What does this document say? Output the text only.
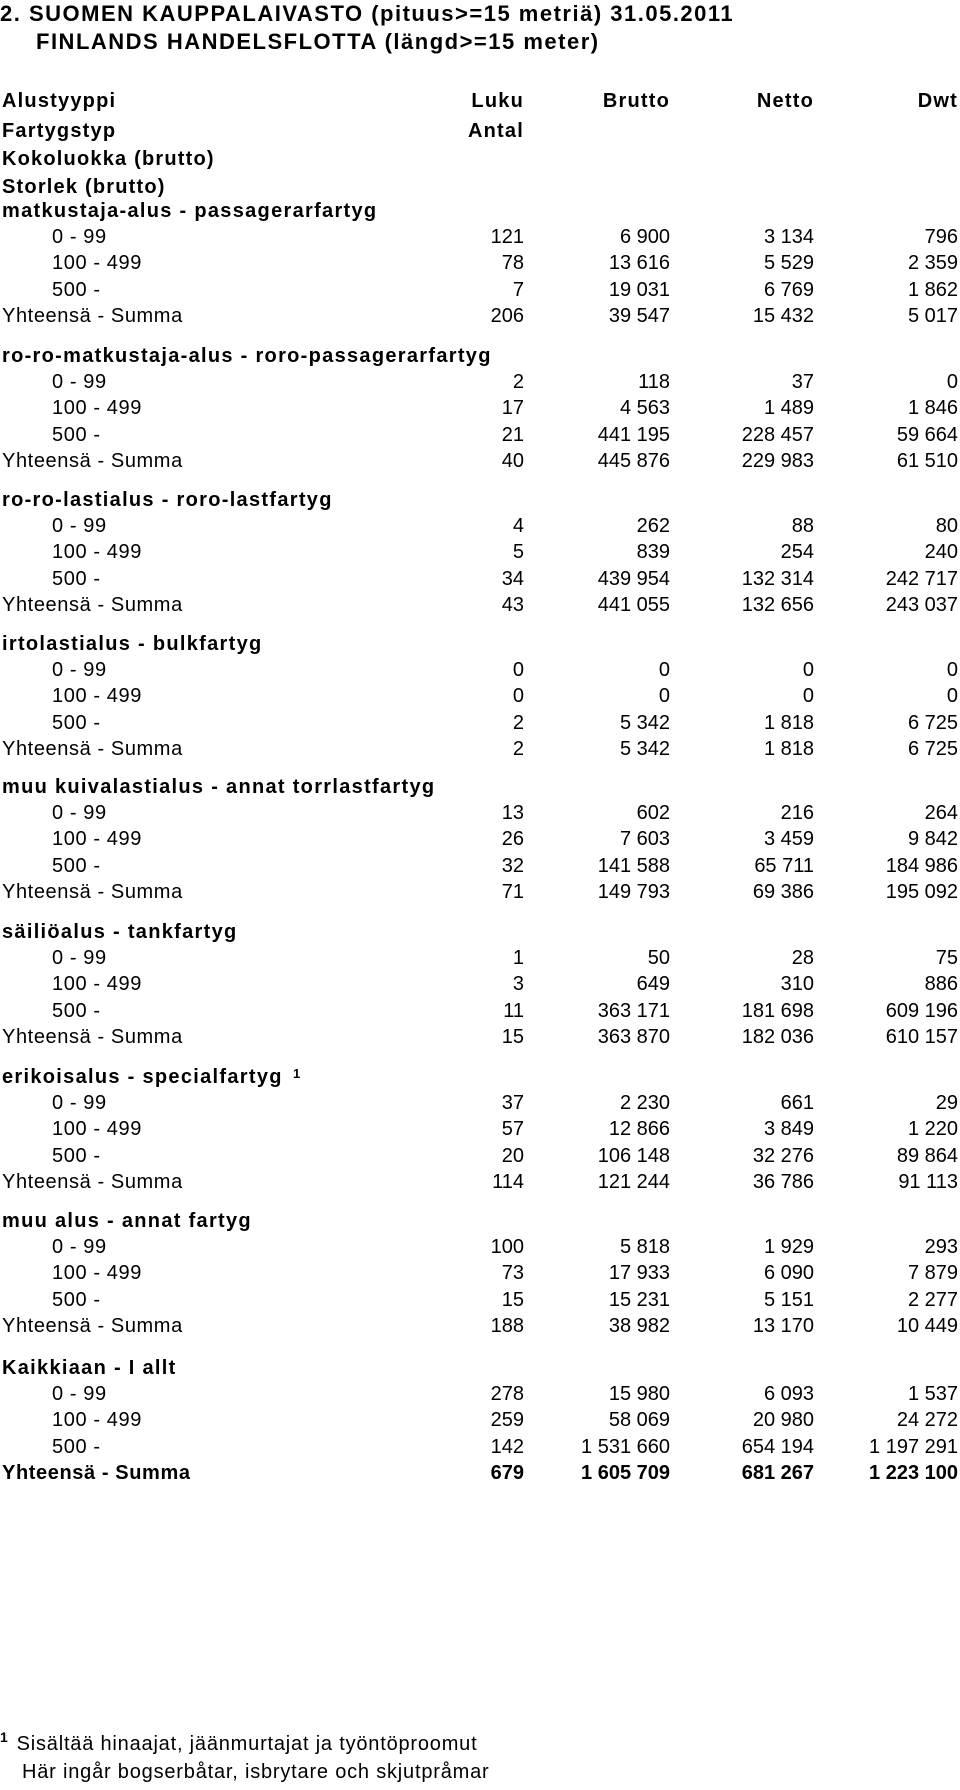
2. SUOMEN KAUPPALAIVASTO (pituus>=15 metriä) 31.05.2011
FINLANDS HANDELSFLOTTA (längd>=15 meter)
Alustyyppi	Luku	Brutto	Netto	Dwt
Fartygstyp	Antal
Kokoluokka (brutto)
Storlek (brutto)
matkustaja-alus - passagerarfartyg
0 - 99	121	6 900	3 134	796
100 - 499	78	13 616	5 529	2 359
500 -	7	19 031	6 769	1 862
Yhteensä - Summa	206	39 547	15 432	5 017
ro-ro-matkustaja-alus - roro-passagerarfartyg
0 - 99	2	118	37	0
100 - 499	17	4 563	1 489	1 846
500 -	21	441 195	228 457	59 664
Yhteensä - Summa	40	445 876	229 983	61 510
ro-ro-lastialus - roro-lastfartyg
0 - 99	4	262	88	80
100 - 499	5	839	254	240
500 -	34	439 954	132 314	242 717
Yhteensä - Summa	43	441 055	132 656	243 037
irtolastialus - bulkfartyg
0 - 99	0	0	0	0
100 - 499	0	0	0	0
500 -	2	5 342	1 818	6 725
Yhteensä - Summa	2	5 342	1 818	6 725
muu kuivalastialus - annat torrlastfartyg
0 - 99	13	602	216	264
100 - 499	26	7 603	3 459	9 842
500 -	32	141 588	65 711	184 986
Yhteensä - Summa	71	149 793	69 386	195 092
säiliöalus - tankfartyg
0 - 99	1	50	28	75
100 - 499	3	649	310	886
500 -	11	363 171	181 698	609 196
Yhteensä - Summa	15	363 870	182 036	610 157
erikoisalus - specialfartyg 1
0 - 99	37	2 230	661	29
100 - 499	57	12 866	3 849	1 220
500 -	20	106 148	32 276	89 864
Yhteensä - Summa	114	121 244	36 786	91 113
muu alus - annat fartyg
0 - 99	100	5 818	1 929	293
100 - 499	73	17 933	6 090	7 879
500 -	15	15 231	5 151	2 277
Yhteensä - Summa	188	38 982	13 170	10 449
Kaikkiaan - I allt
0 - 99	278	15 980	6 093	1 537
100 - 499	259	58 069	20 980	24 272
500 -	142	1 531 660	654 194	1 197 291
Yhteensä - Summa	679	1 605 709	681 267	1 223 100
$^1$ Sisältää hinaajat, jäänmurtajat ja työntöproomut
Här ingår bogserbåtar, isbrytare och skjutpråmar
